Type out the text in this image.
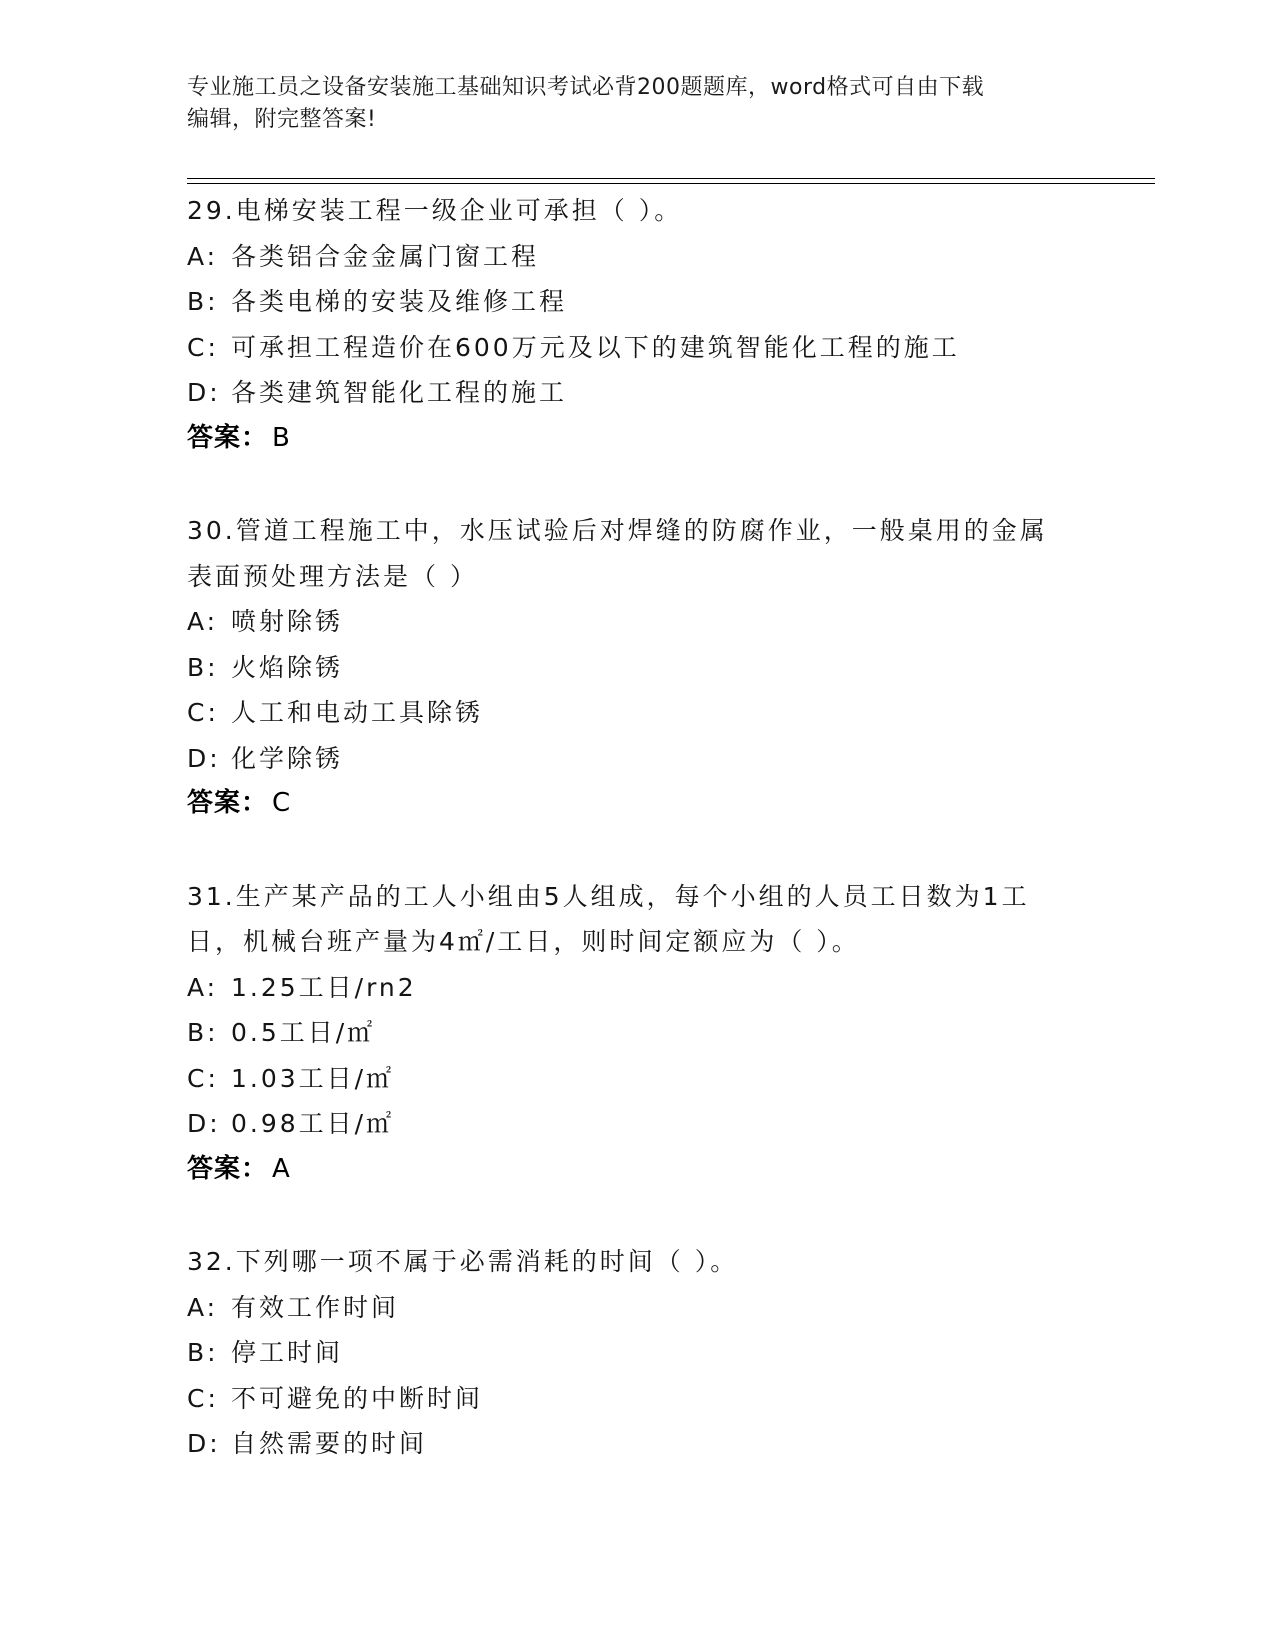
专业施工员之设备安装施工基础知识考试必背200题题库，word格式可自由下载
编辑，附完整答案!
29.电梯安装工程一级企业可承担（ ）。
A: 各类铝合金金属门窗工程
B: 各类电梯的安装及维修工程
C: 可承担工程造价在600万元及以下的建筑智能化工程的施工
D: 各类建筑智能化工程的施工
答案： B
30.管道工程施工中，水压试验后对焊缝的防腐作业，一般桌用的金属
表面预处理方法是（ ）
A: 喷射除锈
B: 火焰除锈
C: 人工和电动工具除锈
D: 化学除锈
答案： C
31.生产某产品的工人小组由5人组成，每个小组的人员工日数为1工
日，机械台班产量为4㎡/工日，则时间定额应为（ ）。
A: 1.25工日/rn2
B: 0.5工日/㎡
C: 1.03工日/㎡
D: 0.98工日/㎡
答案： A
32.下列哪一项不属于必需消耗的时间（ ）。
A: 有效工作时间
B: 停工时间
C: 不可避免的中断时间
D: 自然需要的时间
